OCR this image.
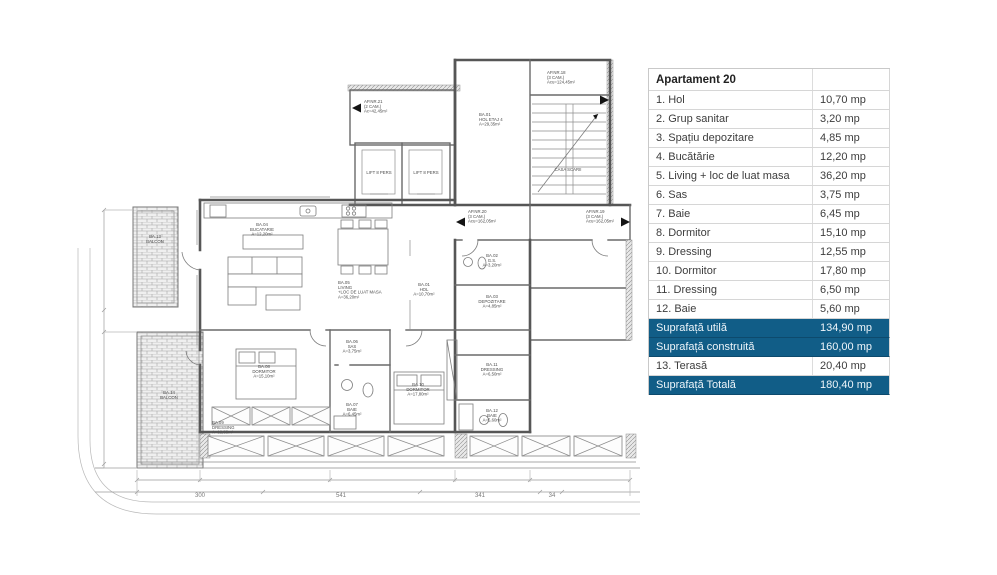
AP.NR.21 (2 CAM.) Ac=42,45m²
AP.NR.18 (3 CAM.) Acu=124,45m²
BA.01 HOL ETAJ 4 A=29,35m²
CASA SCARII
LIFT 8 PERS	LIFT 8 PERS
AP.NR.20 (3 CAM.) Acu=162,05m²
AP.NR.19 (3 CAM.) Acu=162,05m²
BA.04 BUCATARIE A=12,20m²
BA.05 LIVING +LOC DE LUAT MASA A=36,20m²
BA.01 HOL A=10,70m²
BA.06 SAS A=3,75m²
BA.07 BAIE A=6,45m²
BA.08 DORMITOR A=15,10m²
BA.09 DRESSING A=12,55m²
BA.10 DORMITOR A=17,80m²
BA.02 G.S. A=3,20m²
BA.03 DEPOZITARE A=4,85m²
BA.11 DRESSING A=6,50m²
BA.12 BAIE A=5,60m²
BA.13 BALCON
BA.14 BALCON
300	541	341	34
Apartament 20
1. Hol	10,70 mp
2. Grup sanitar	3,20 mp
3. Spațiu depozitare	4,85 mp
4. Bucătărie	12,20 mp
5. Living + loc de luat masa	36,20 mp
6. Sas	3,75 mp
7. Baie	6,45 mp
8. Dormitor	15,10 mp
9. Dressing	12,55 mp
10. Dormitor	17,80 mp
11. Dressing	6,50 mp
12. Baie	5,60 mp
Suprafață utilă	134,90 mp
Suprafață construită	160,00 mp
13. Terasă	20,40 mp
Suprafață Totală	180,40 mp
